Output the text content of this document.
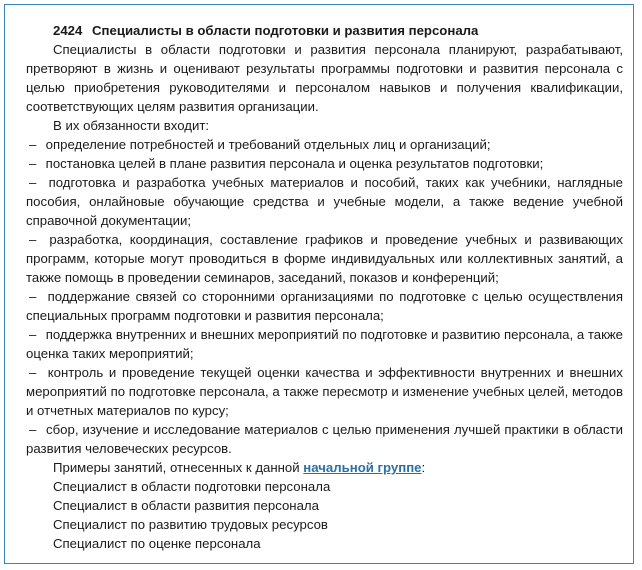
2424 Специалисты в области подготовки и развития персонала

Специалисты в области подготовки и развития персонала планируют, разрабатывают, претворяют в жизнь и оценивают результаты программы подготовки и развития персонала с целью приобретения руководителями и персоналом навыков и получения квалификации, соответствующих целям развития организации.

В их обязанности входит:

– определение потребностей и требований отдельных лиц и организаций;
– постановка целей в плане развития персонала и оценка результатов подготовки;
– подготовка и разработка учебных материалов и пособий, таких как учебники, наглядные пособия, онлайновые обучающие средства и учебные модели, а также ведение учебной справочной документации;
– разработка, координация, составление графиков и проведение учебных и развивающих программ, которые могут проводиться в форме индивидуальных или коллективных занятий, а также помощь в проведении семинаров, заседаний, показов и конференций;
– поддержание связей со сторонними организациями по подготовке с целью осуществления специальных программ подготовки и развития персонала;
– поддержка внутренних и внешних мероприятий по подготовке и развитию персонала, а также оценка таких мероприятий;
– контроль и проведение текущей оценки качества и эффективности внутренних и внешних мероприятий по подготовке персонала, а также пересмотр и изменение учебных целей, методов и отчетных материалов по курсу;
– сбор, изучение и исследование материалов с целью применения лучшей практики в области развития человеческих ресурсов.

Примеры занятий, отнесенных к данной начальной группе:

Специалист в области подготовки персонала
Специалист в области развития персонала
Специалист по развитию трудовых ресурсов
Специалист по оценке персонала
